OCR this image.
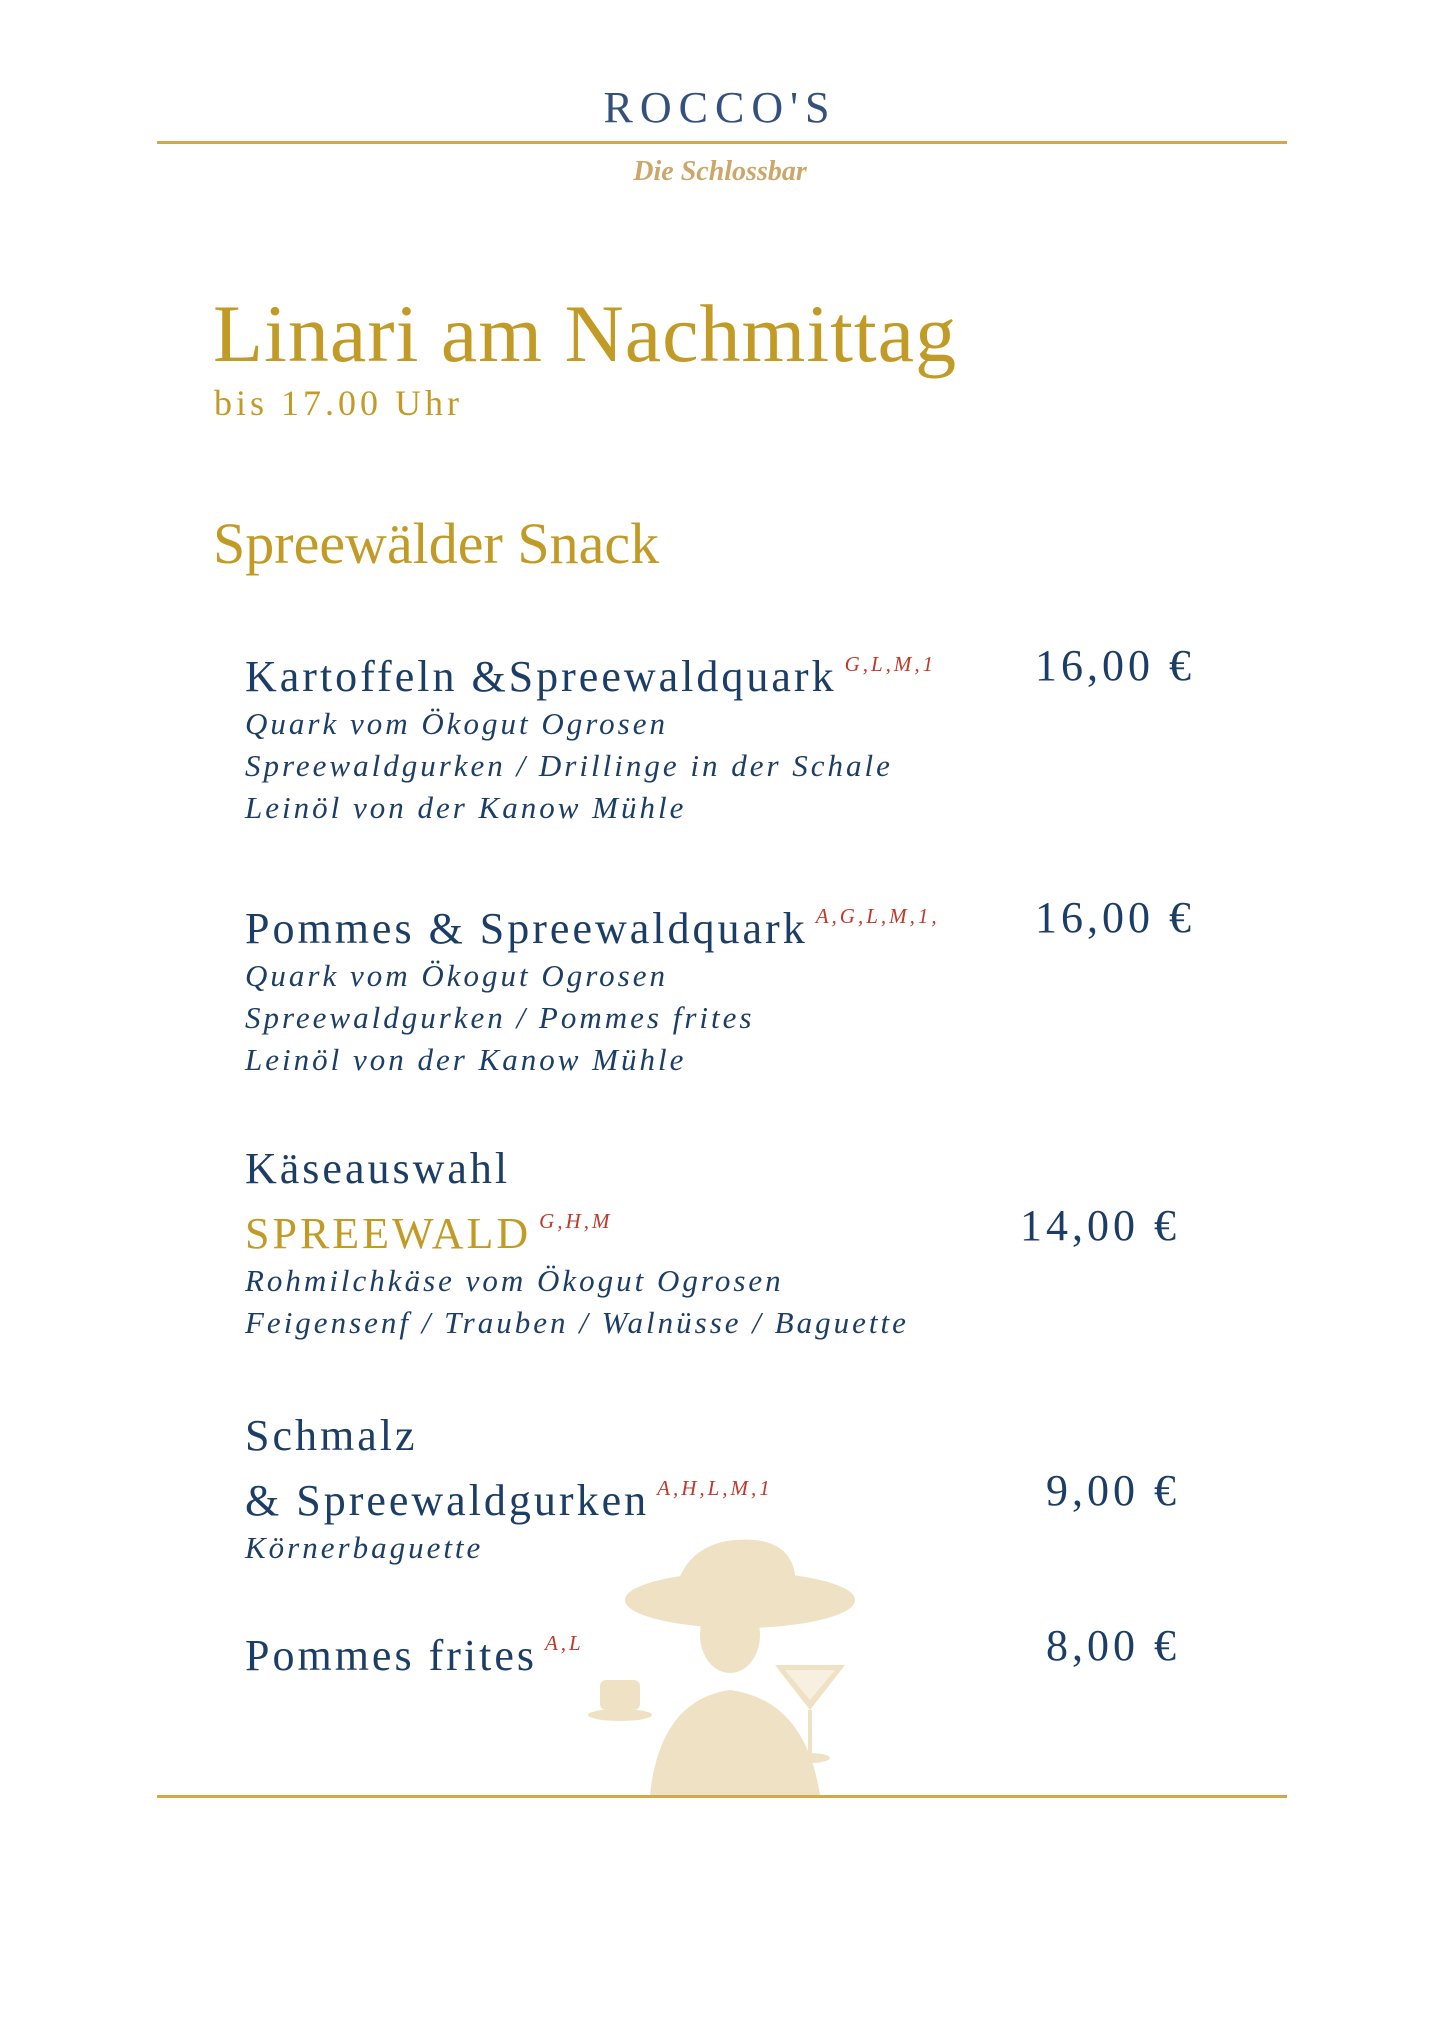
ROCCO'S
Die Schlossbar
Linari am Nachmittag
bis 17.00 Uhr
Spreewälder Snack
Kartoffeln &Spreewaldquark $^{G,L,M,1}$
Quark vom Ökogut Ogrosen
Spreewaldgurken / Drillinge in der Schale
Leinöl von der Kanow Mühle
16,00 €
Pommes & Spreewaldquark $^{A,G,L,M,1,}$
Quark vom Ökogut Ogrosen
Spreewaldgurken / Pommes frites
Leinöl von der Kanow Mühle
16,00 €
Käseauswahl
SPREEWALD $^{G,H,M}$
Rohmilchkäse vom Ökogut Ogrosen
Feigensenf / Trauben / Walnüsse / Baguette
14,00 €
Schmalz
& Spreewaldgurken $^{A,H,L,M,1}$
Körnerbaguette
9,00 €
Pommes frites $^{A,L}$	8,00 €
